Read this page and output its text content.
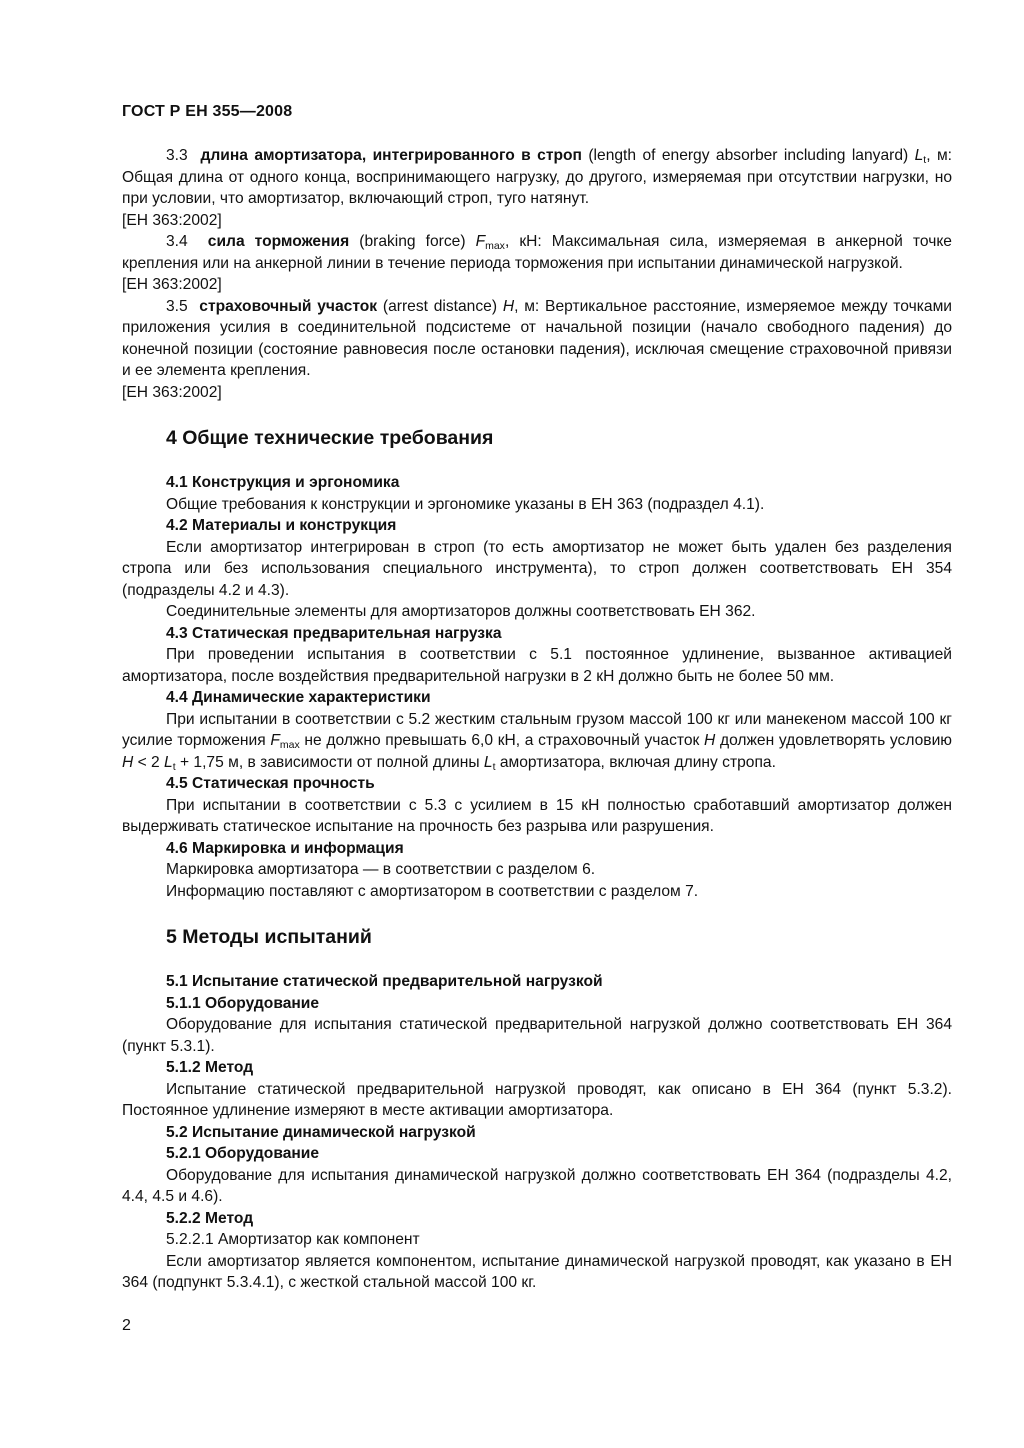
ГОСТ Р ЕН 355—2008

3.3 длина амортизатора, интегрированного в строп (length of energy absorber including lanyard) $L_t$, м: Общая длина от одного конца, воспринимающего нагрузку, до другого, измеряемая при отсутствии нагрузки, но при условии, что амортизатор, включающий строп, туго натянут.

[ЕН 363:2002]

3.4 сила торможения (braking force) $F_{max}$, кН: Максимальная сила, измеряемая в анкерной точке крепления или на анкерной линии в течение периода торможения при испытании динамической нагрузкой.

[ЕН 363:2002]

3.5 страховочный участок (arrest distance) H, м: Вертикальное расстояние, измеряемое между точками приложения усилия в соединительной подсистеме от начальной позиции (начало свободного падения) до конечной позиции (состояние равновесия после остановки падения), исключая смещение страховочной привязи и ее элемента крепления.

[ЕН 363:2002]

4 Общие технические требования
4.1 Конструкция и эргономика

Общие требования к конструкции и эргономике указаны в ЕН 363 (подраздел 4.1).

4.2 Материалы и конструкция

Если амортизатор интегрирован в строп (то есть амортизатор не может быть удален без разделения стропа или без использования специального инструмента), то строп должен соответствовать ЕН 354 (подразделы 4.2 и 4.3).

Соединительные элементы для амортизаторов должны соответствовать ЕН 362.

4.3 Статическая предварительная нагрузка

При проведении испытания в соответствии с 5.1 постоянное удлинение, вызванное активацией амортизатора, после воздействия предварительной нагрузки в 2 кН должно быть не более 50 мм.

4.4 Динамические характеристики

При испытании в соответствии с 5.2 жестким стальным грузом массой 100 кг или манекеном массой 100 кг усилие торможения $F_{max}$ не должно превышать 6,0 кН, а страховочный участок H должен удовлетворять условию H < 2 $L_t + 1,75$ м, в зависимости от полной длины $L_t$ амортизатора, включая длину стропа.

4.5 Статическая прочность

При испытании в соответствии с 5.3 с усилием в 15 кН полностью сработавший амортизатор должен выдерживать статическое испытание на прочность без разрыва или разрушения.

4.6 Маркировка и информация

Маркировка амортизатора — в соответствии с разделом 6.

Информацию поставляют с амортизатором в соответствии с разделом 7.

5 Методы испытаний
5.1 Испытание статической предварительной нагрузкой
5.1.1 Оборудование

Оборудование для испытания статической предварительной нагрузкой должно соответствовать ЕН 364 (пункт 5.3.1).

5.1.2 Метод

Испытание статической предварительной нагрузкой проводят, как описано в ЕН 364 (пункт 5.3.2). Постоянное удлинение измеряют в месте активации амортизатора.

5.2 Испытание динамической нагрузкой
5.2.1 Оборудование

Оборудование для испытания динамической нагрузкой должно соответствовать ЕН 364 (подразделы 4.2, 4.4, 4.5 и 4.6).

5.2.2 Метод

5.2.2.1 Амортизатор как компонент

Если амортизатор является компонентом, испытание динамической нагрузкой проводят, как указано в ЕН 364 (подпункт 5.3.4.1), с жесткой стальной массой 100 кг.

2
